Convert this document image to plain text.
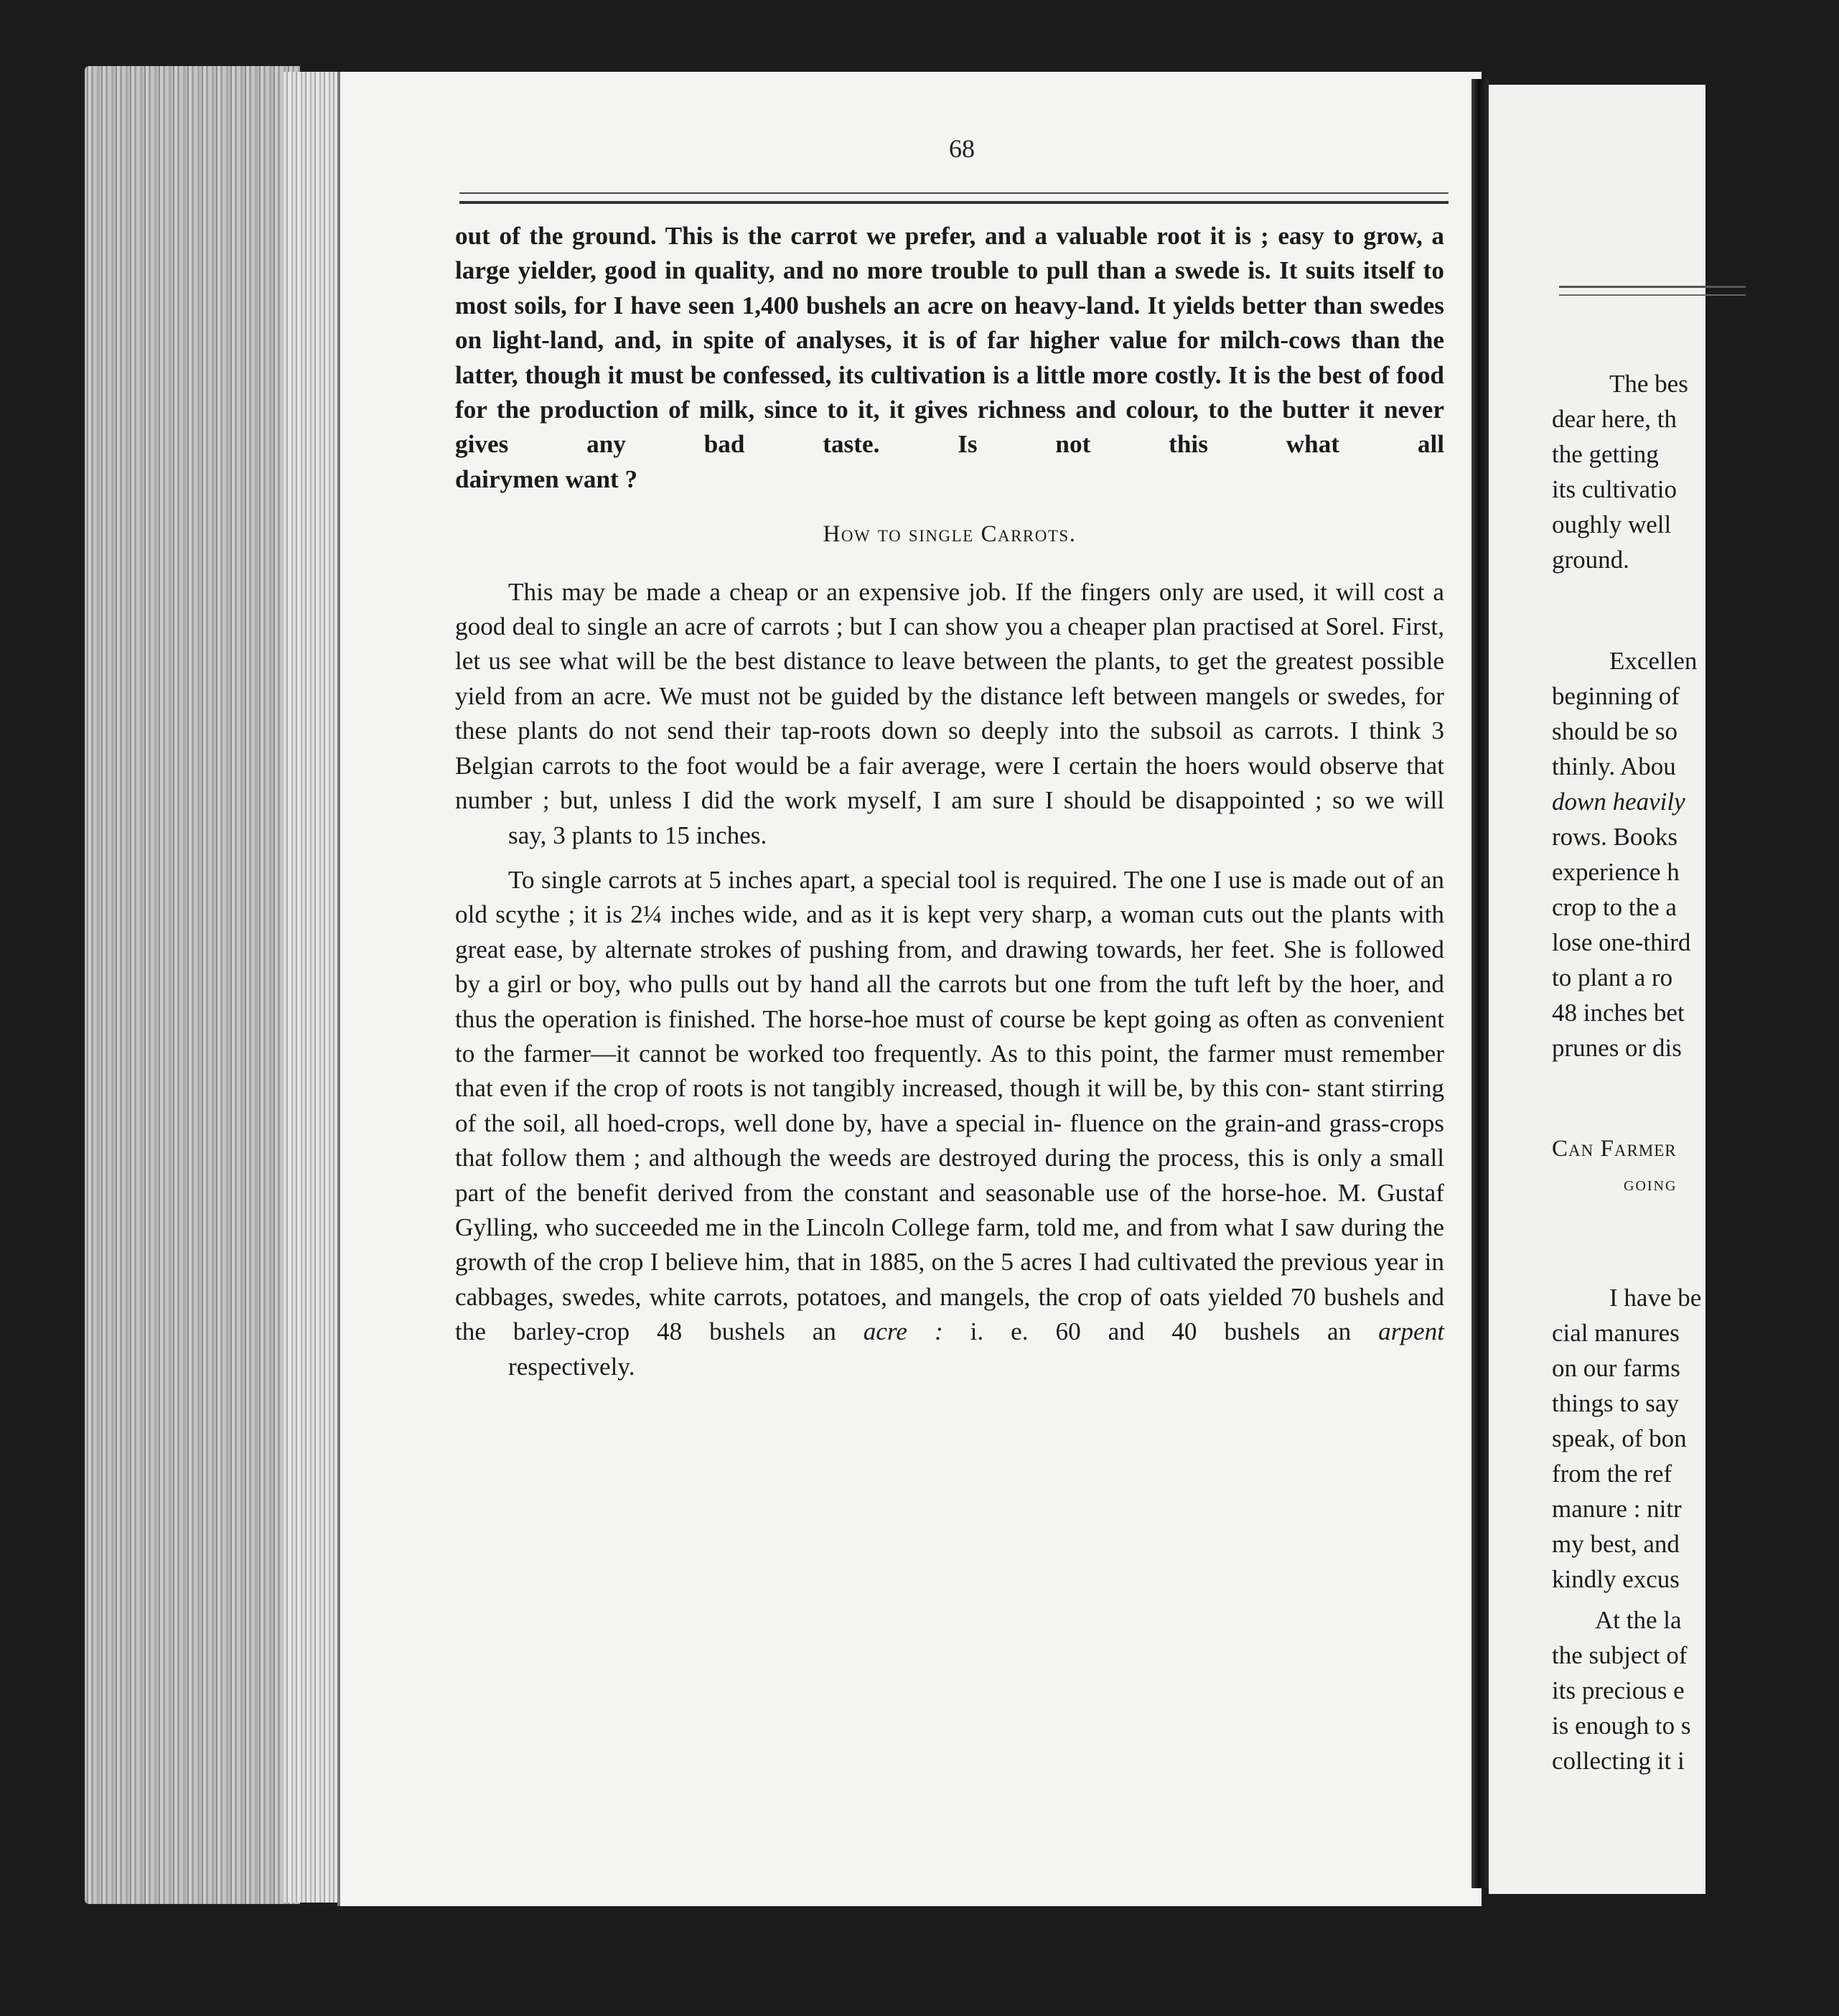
68

out of the ground. This is the carrot we prefer, and a valuable root it is ; easy to grow, a large yielder, good in quality, and no more trouble to pull than a swede is. It suits itself to most soils, for I have seen 1,400 bushels an acre on heavy-land. It yields better than swedes on light-land, and, in spite of analyses, it is of far higher value for milch-cows than the latter, though it must be confessed, its cultivation is a little more costly. It is the best of food for the production of milk, since to it, it gives richness and colour, to the butter it never gives any bad taste. Is not this what all
dairymen want ?

How to single Carrots.

This may be made a cheap or an expensive job. If the fingers only are used, it will cost a good deal to single an acre of carrots ; but I can show you a cheaper plan practised at Sorel. First, let us see what will be the best distance to leave between the plants, to get the greatest possible yield from an acre. We must not be guided by the distance left between mangels or swedes, for these plants do not send their tap-roots down so deeply into the subsoil as carrots. I think 3 Belgian carrots to the foot would be a fair average, were I certain the hoers would observe that number ; but, unless I did the work myself, I am sure I should be disappointed ; so we will
say, 3 plants to 15 inches.

To single carrots at 5 inches apart, a special tool is required. The one I use is made out of an old scythe ; it is 2¼ inches wide, and as it is kept very sharp, a woman cuts out the plants with great ease, by alternate strokes of pushing from, and drawing towards, her feet. She is followed by a girl or boy, who pulls out by hand all the carrots but one from the tuft left by the hoer, and thus the operation is finished. The horse-hoe must of course be kept going as often as convenient to the farmer—it cannot be worked too frequently. As to this point, the farmer must remember that even if the crop of roots is not tangibly increased, though it will be, by this con- stant stirring of the soil, all hoed-crops, well done by, have a special in- fluence on the grain-and grass-crops that follow them ; and although the weeds are destroyed during the process, this is only a small part of the benefit derived from the constant and seasonable use of the horse-hoe. M. Gustaf Gylling, who succeeded me in the Lincoln College farm, told me, and from what I saw during the growth of the crop I believe him, that in 1885, on the 5 acres I had cultivated the previous year in cabbages, swedes, white carrots, potatoes, and mangels, the crop of oats yielded 70 bushels and the barley-crop 48 bushels an acre : i. e. 60 and 40 bushels an arpent
respectively.

The bes
dear here, th
the getting
its cultivatio
oughly well
ground.
Excellen
beginning of
should be so
thinly. Abou
down heavily
rows. Books
experience h
crop to the a
lose one-third
to plant a ro
48 inches bet
prunes or dis
Can Farmer
going
-I
I have be
cial manures
on our farms
things to say
speak, of bon
from the ref
manure : nitr
my best, and
kindly excus
At the la
the subject of
its precious e
is enough to s
collecting it i
